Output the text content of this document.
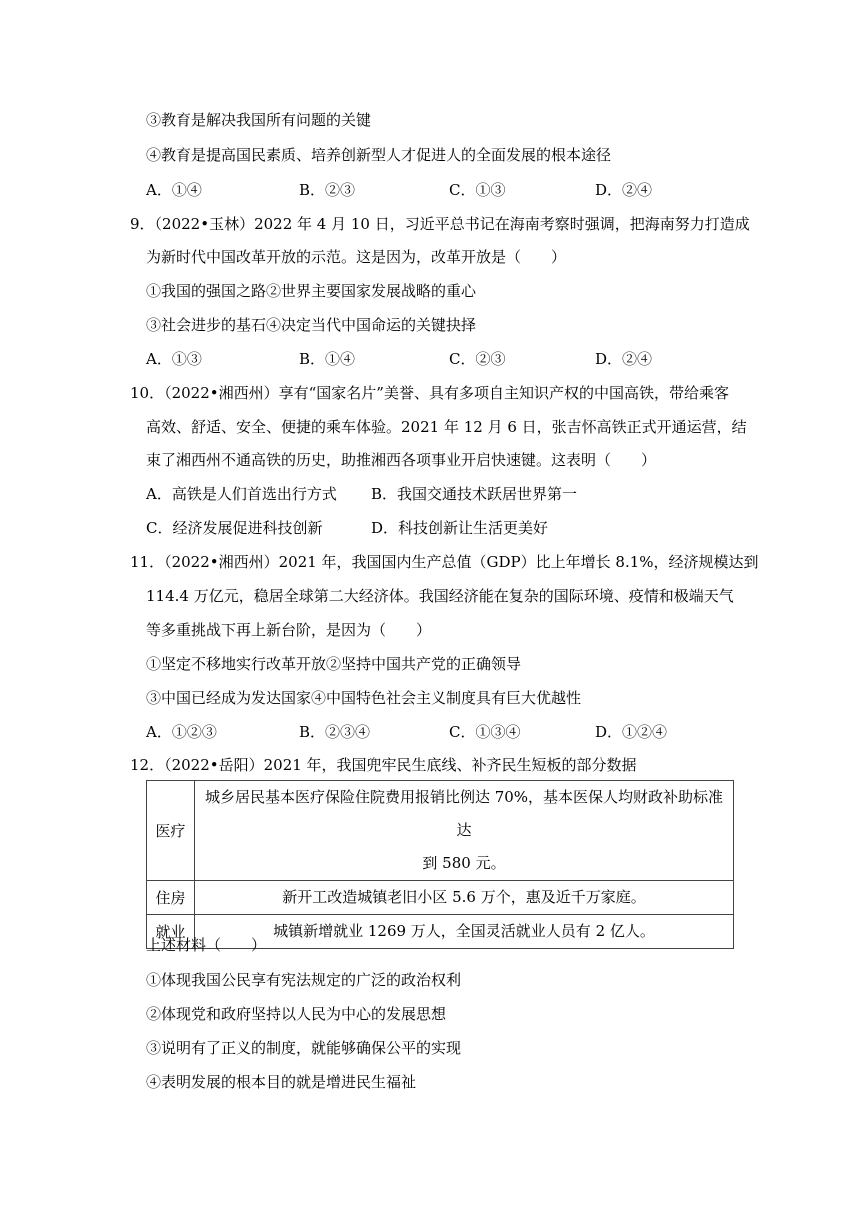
③教育是解决我国所有问题的关键
④教育是提高国民素质、培养创新型人才促进人的全面发展的根本途径
A．①④	B．②③	C．①③	D．②④
9．（2022•玉林）2022 年 4 月 10 日，习近平总书记在海南考察时强调，把海南努力打造成
为新时代中国改革开放的示范。这是因为，改革开放是（　　）
①我国的强国之路②世界主要国家发展战略的重心
③社会进步的基石④决定当代中国命运的关键抉择
A．①③	B．①④	C．②③	D．②④
10．（2022•湘西州）享有“国家名片”美誉、具有多项自主知识产权的中国高铁，带给乘客
高效、舒适、安全、便捷的乘车体验。2021 年 12 月 6 日，张吉怀高铁正式开通运营，结
束了湘西州不通高铁的历史，助推湘西各项事业开启快速键。这表明（　　）
A．高铁是人们首选出行方式 B．我国交通技术跃居世界第一
C．经济发展促进科技创新	D．科技创新让生活更美好
11．（2022•湘西州）2021 年，我国国内生产总值（GDP）比上年增长 8.1%，经济规模达到
114.4 万亿元，稳居全球第二大经济体。我国经济能在复杂的国际环境、疫情和极端天气
等多重挑战下再上新台阶，是因为（　　）
①坚定不移地实行改革开放②坚持中国共产党的正确领导
③中国已经成为发达国家④中国特色社会主义制度具有巨大优越性
A．①②③	B．②③④	C．①③④	D．①②④
12．（2022•岳阳）2021 年，我国兜牢民生底线、补齐民生短板的部分数据
医疗	城乡居民基本医疗保险住院费用报销比例达 70%，基本医保人均财政补助标准达
到 580 元。

住房	新开工改造城镇老旧小区 5.6 万个，惠及近千万家庭。
就业	城镇新增就业 1269 万人，全国灵活就业人员有 2 亿人。
上述材料（　　）
①体现我国公民享有宪法规定的广泛的政治权利
②体现党和政府坚持以人民为中心的发展思想
③说明有了正义的制度，就能够确保公平的实现
④表明发展的根本目的就是增进民生福祉
